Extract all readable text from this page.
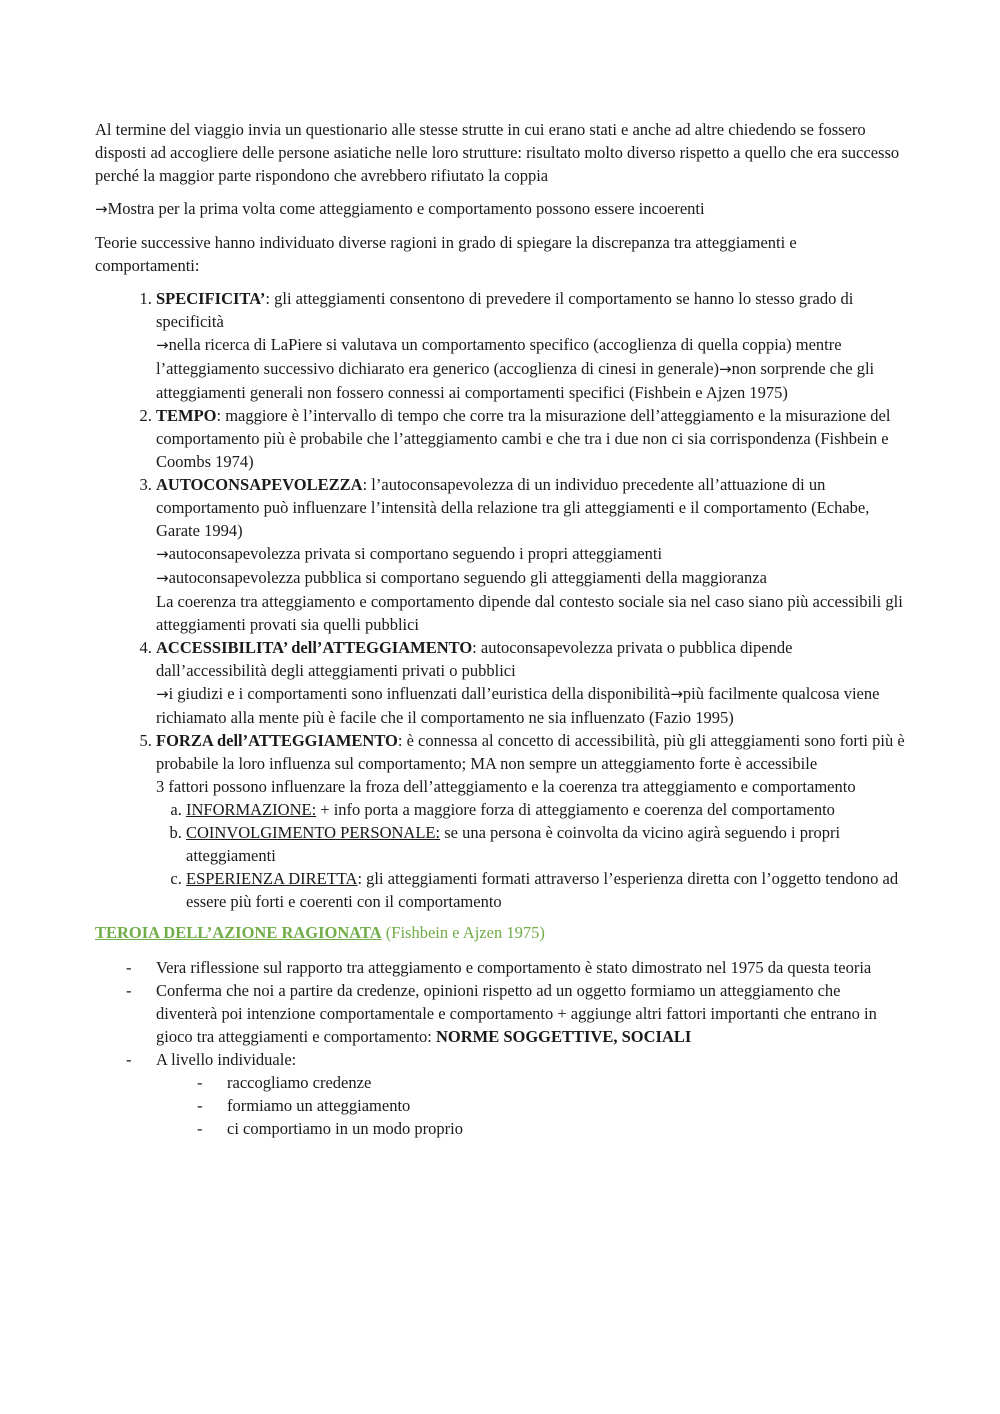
Al termine del viaggio invia un questionario alle stesse strutte in cui erano stati e anche ad altre chiedendo se fossero disposti ad accogliere delle persone asiatiche nelle loro strutture: risultato molto diverso rispetto a quello che era successo perché la maggior parte rispondono che avrebbero rifiutato la coppia

→Mostra per la prima volta come atteggiamento e comportamento possono essere incoerenti

Teorie successive hanno individuato diverse ragioni in grado di spiegare la discrepanza tra atteggiamenti e comportamenti:

1. SPECIFICITA’: gli atteggiamenti consentono di prevedere il comportamento se hanno lo stesso grado di specificità
→nella ricerca di LaPiere si valutava un comportamento specifico (accoglienza di quella coppia) mentre l’atteggiamento successivo dichiarato era generico (accoglienza di cinesi in generale)→non sorprende che gli atteggiamenti generali non fossero connessi ai comportamenti specifici (Fishbein e Ajzen 1975)
2. TEMPO: maggiore è l’intervallo di tempo che corre tra la misurazione dell’atteggiamento e la misurazione del comportamento più è probabile che l’atteggiamento cambi e che tra i due non ci sia corrispondenza (Fishbein e Coombs 1974)
3. AUTOCONSAPEVOLEZZA: l’autoconsapevolezza di un individuo precedente all’attuazione di un comportamento può influenzare l’intensità della relazione tra gli atteggiamenti e il comportamento (Echabe, Garate 1994)
→autoconsapevolezza privata si comportano seguendo i propri atteggiamenti
→autoconsapevolezza pubblica si comportano seguendo gli atteggiamenti della maggioranza
La coerenza tra atteggiamento e comportamento dipende dal contesto sociale sia nel caso siano più accessibili gli atteggiamenti provati sia quelli pubblici
4. ACCESSIBILITA’ dell’ATTEGGIAMENTO: autoconsapevolezza privata o pubblica dipende dall’accessibilità degli atteggiamenti privati o pubblici
→i giudizi e i comportamenti sono influenzati dall’euristica della disponibilità→più facilmente qualcosa viene richiamato alla mente più è facile che il comportamento ne sia influenzato (Fazio 1995)
5. FORZA dell’ATTEGGIAMENTO: è connessa al concetto di accessibilità, più gli atteggiamenti sono forti più è probabile la loro influenza sul comportamento; MA non sempre un atteggiamento forte è accessibile
3 fattori possono influenzare la froza dell’atteggiamento e la coerenza tra atteggiamento e comportamento
a. INFORMAZIONE: + info porta a maggiore forza di atteggiamento e coerenza del comportamento
b. COINVOLGIMENTO PERSONALE: se una persona è coinvolta da vicino agirà seguendo i propri atteggiamenti
c. ESPERIENZA DIRETTA: gli atteggiamenti formati attraverso l’esperienza diretta con l’oggetto tendono ad essere più forti e coerenti con il comportamento

TEROIA DELL’AZIONE RAGIONATA (Fishbein e Ajzen 1975)

- Vera riflessione sul rapporto tra atteggiamento e comportamento è stato dimostrato nel 1975 da questa teoria
- Conferma che noi a partire da credenze, opinioni rispetto ad un oggetto formiamo un atteggiamento che diventerà poi intenzione comportamentale e comportamento + aggiunge altri fattori importanti che entrano in gioco tra atteggiamenti e comportamento: NORME SOGGETTIVE, SOCIALI
- A livello individuale:
- raccogliamo credenze
- formiamo un atteggiamento
- ci comportiamo in un modo proprio
